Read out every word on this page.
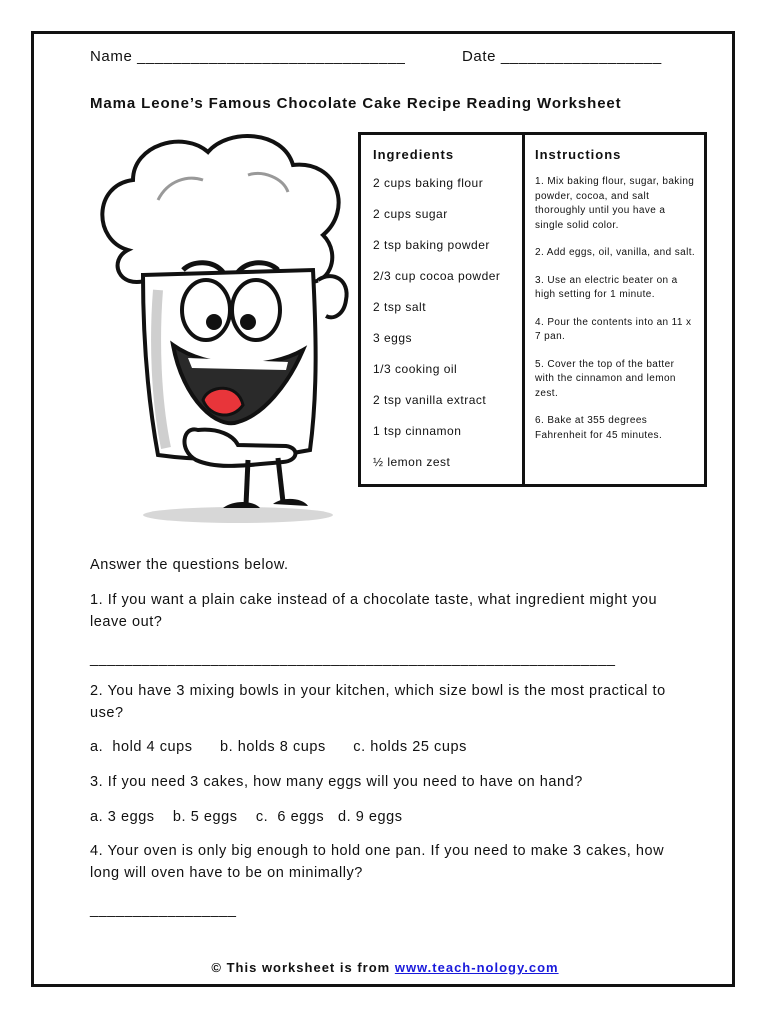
Name ______________________________	Date __________________
Mama Leone’s Famous Chocolate Cake Recipe Reading Worksheet
Ingredients
2 cups baking flour
2 cups sugar
2 tsp baking powder
2/3 cup cocoa powder
2 tsp salt
3 eggs
1/3 cooking oil
2 tsp vanilla extract
1 tsp cinnamon
½ lemon zest
Instructions
1. Mix baking flour, sugar, baking powder, cocoa, and salt thoroughly until you have a single solid color.
2. Add eggs, oil, vanilla, and salt.
3. Use an electric beater on a high setting for 1 minute.
4. Pour the contents into an 11 x 7 pan.
5. Cover the top of the batter with the cinnamon and lemon zest.
6. Bake at 355 degrees Fahrenheit for 45 minutes.
Answer the questions below.
1. If you want a plain cake instead of a chocolate taste, what ingredient might you leave out?
_____________________________________________________________
2. You have 3 mixing bowls in your kitchen, which size bowl is the most practical to use?
a.  hold 4 cups      b. holds 8 cups      c. holds 25 cups
3. If you need 3 cakes, how many eggs will you need to have on hand?
a. 3 eggs    b. 5 eggs    c.  6 eggs   d. 9 eggs
4. Your oven is only big enough to hold one pan. If you need to make 3 cakes, how long will oven have to be on minimally?
_________________
© This worksheet is from www.teach-nology.com
